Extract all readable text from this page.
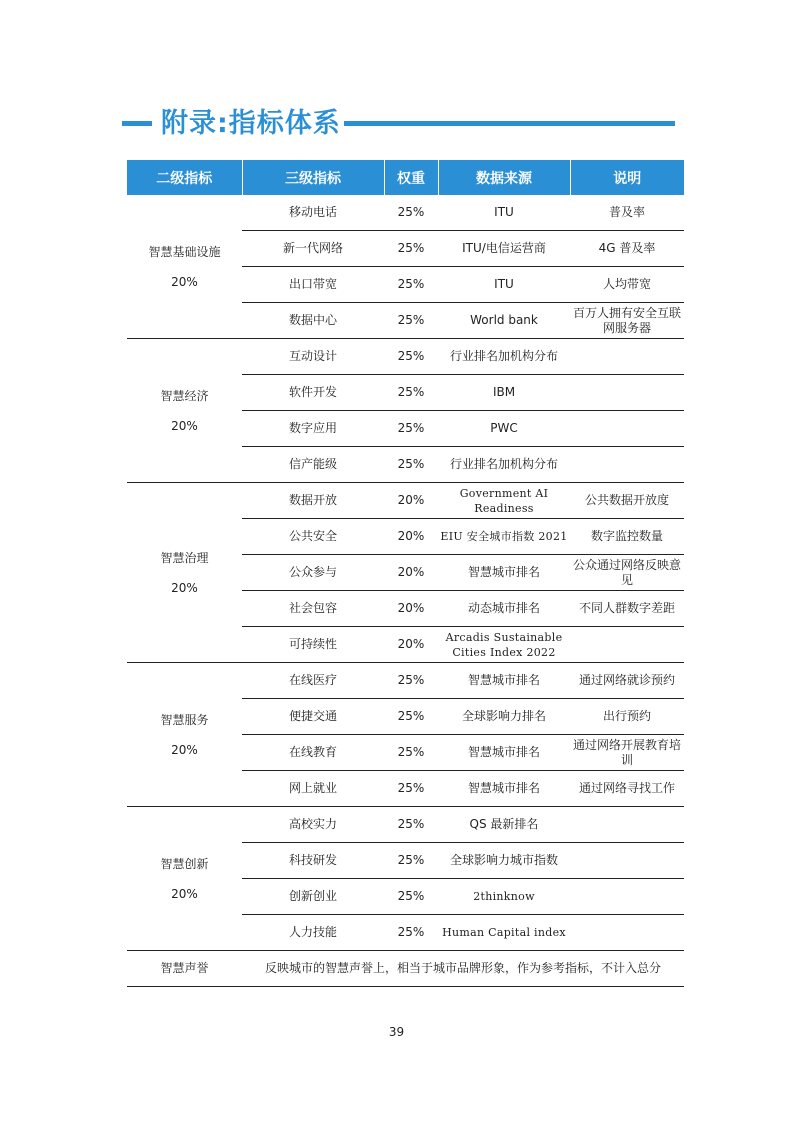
附录:指标体系
二级指标	三级指标	权重	数据来源	说明

智慧基础设施
20%	移动电话	25%	ITU	普及率
	新一代网络	25%	ITU/电信运营商	4G 普及率
	出口带宽	25%	ITU	人均带宽
	数据中心	25%	World bank	百万人拥有安全互联网服务器

智慧经济
20%	互动设计	25%	行业排名加机构分布	
	软件开发	25%	IBM	
	数字应用	25%	PWC	
	信产能级	25%	行业排名加机构分布	

智慧治理
20%	数据开放	20%	Government AI Readiness	公共数据开放度
	公共安全	20%	EIU 安全城市指数 2021	数字监控数量
	公众参与	20%	智慧城市排名	公众通过网络反映意见
	社会包容	20%	动态城市排名	不同人群数字差距
	可持续性	20%	Arcadis Sustainable Cities Index 2022	

智慧服务
20%	在线医疗	25%	智慧城市排名	通过网络就诊预约
	便捷交通	25%	全球影响力排名	出行预约
	在线教育	25%	智慧城市排名	通过网络开展教育培训
	网上就业	25%	智慧城市排名	通过网络寻找工作

智慧创新
20%	高校实力	25%	QS 最新排名	
	科技研发	25%	全球影响力城市指数	
	创新创业	25%	2thinknow	
	人力技能	25%	Human Capital index	
智慧声誉	反映城市的智慧声誉上，相当于城市品牌形象，作为参考指标，不计入总分			
39
